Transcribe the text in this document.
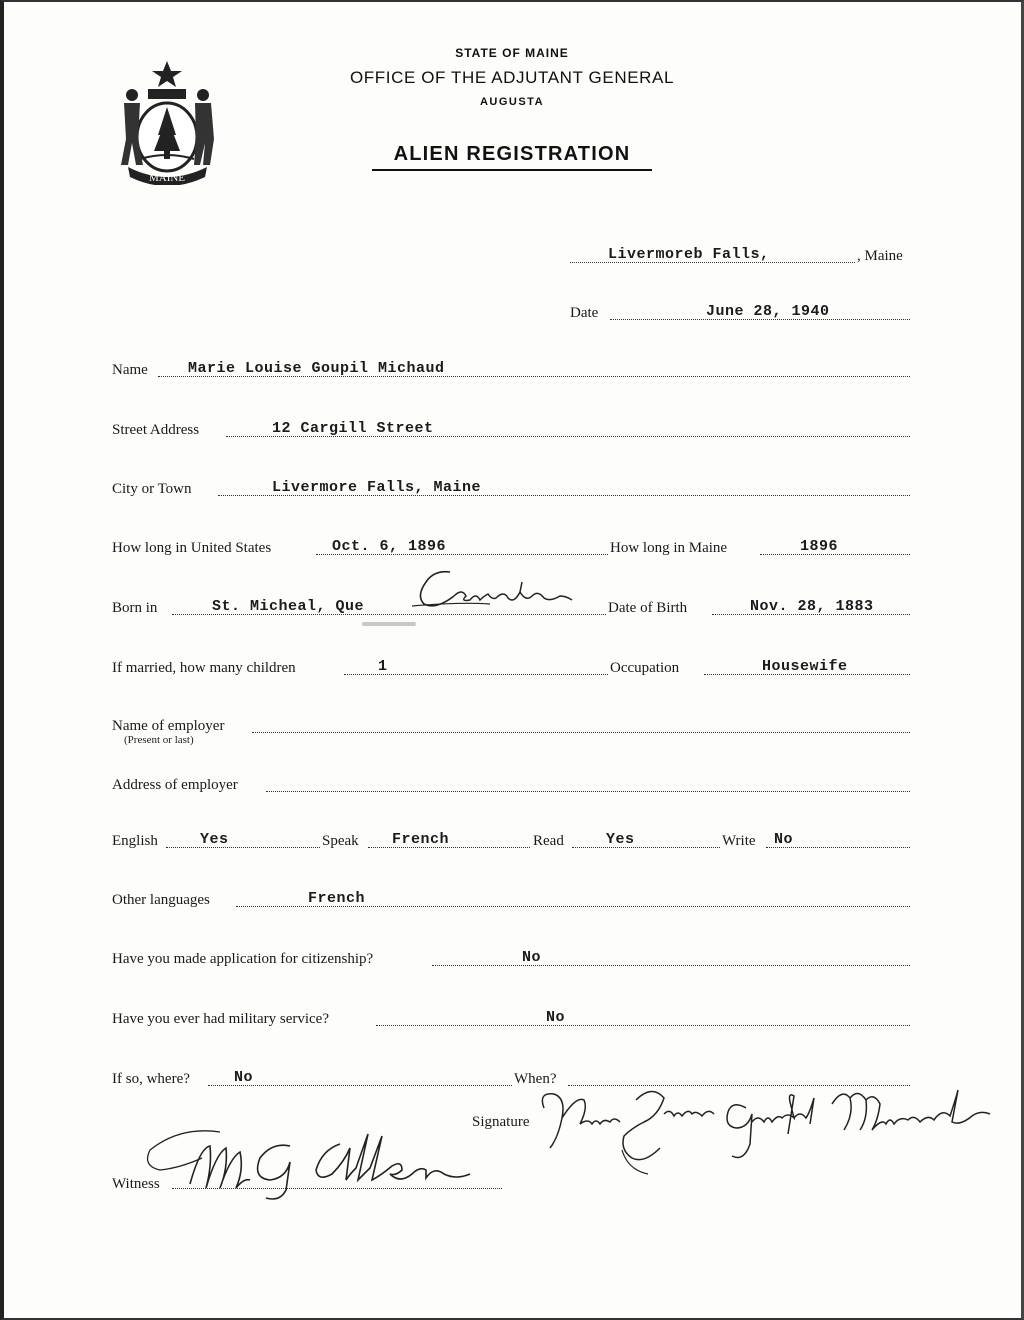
MAINE
STATE OF MAINE
OFFICE OF THE ADJUTANT GENERAL
AUGUSTA
ALIEN REGISTRATION
Livermoreb Falls,	, Maine
Date	June 28, 1940
Name	Marie Louise Goupil Michaud
Street Address	12 Cargill Street
City or Town	Livermore Falls, Maine
How long in United States	Oct. 6, 1896	How long in Maine	1896
Born in	St. Micheal, Que	Date of Birth	Nov. 28, 1883
If married, how many children	1	Occupation	Housewife
Name of employer
(Present or last)
Address of employer
English	Yes	Speak French	Read	Yes	Write No
Other languages	French
Have you made application for citizenship?	No
Have you ever had military service?	No
If so, where?	No	When?
Signature
Witness
